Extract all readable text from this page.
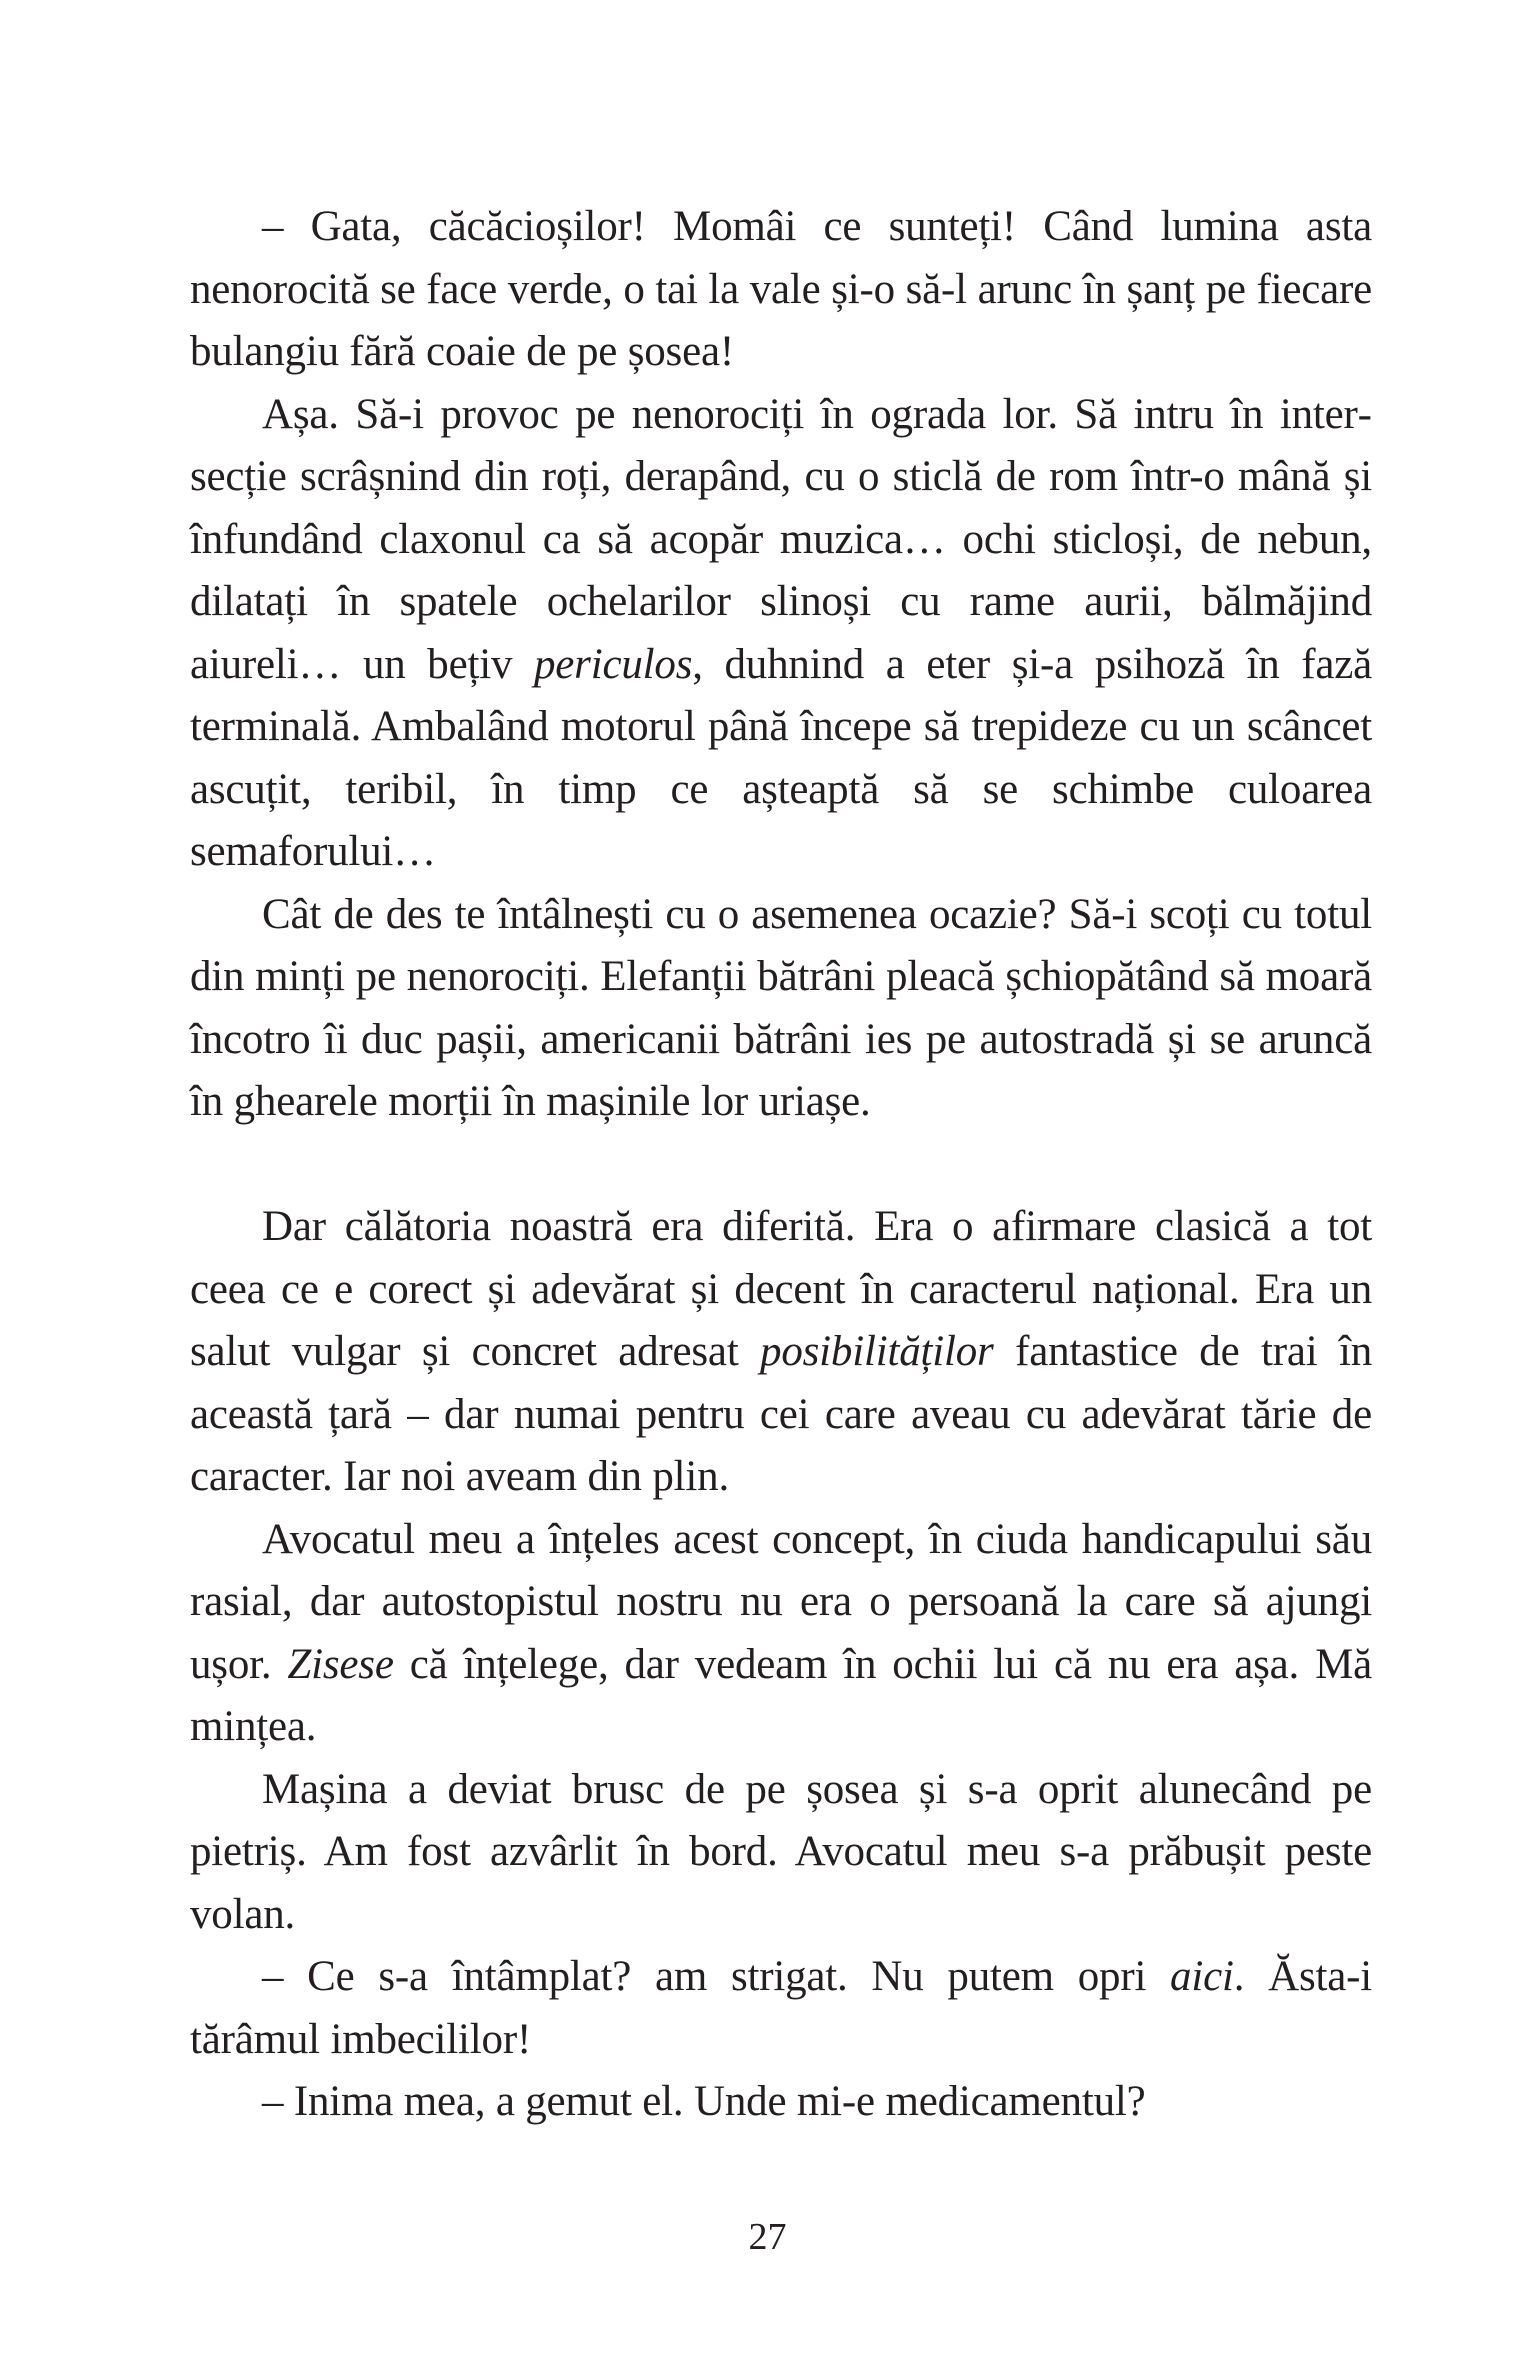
– Gata, căcăcioșilor! Momâi ce sunteți! Când lumina asta nenorocită se face verde, o tai la vale și-o să-l arunc în șanț pe fiecare bulangiu fără coaie de pe șosea!

Așa. Să-i provoc pe nenorociți în ograda lor. Să intru în intersecție scrâșnind din roți, derapând, cu o sticlă de rom într-o mână și înfundând claxonul ca să acopăr muzica… ochi sticloși, de nebun, dilatați în spatele ochelarilor slinoși cu rame aurii, bălmăjind aiureli… un bețiv periculos, duhnind a eter și-a psihoză în fază terminală. Ambalând motorul până începe să trepideze cu un scâncet ascuțit, teribil, în timp ce așteaptă să se schimbe culoarea semaforului…

Cât de des te întâlnești cu o asemenea ocazie? Să-i scoți cu totul din minți pe nenorociți. Elefanții bătrâni pleacă șchiopătând să moară încotro îi duc pașii, americanii bătrâni ies pe autostradă și se aruncă în ghearele morții în mașinile lor uriașe.

Dar călătoria noastră era diferită. Era o afirmare clasică a tot ceea ce e corect și adevărat și decent în caracterul național. Era un salut vulgar și concret adresat posibilităților fantastice de trai în această țară – dar numai pentru cei care aveau cu adevărat tărie de caracter. Iar noi aveam din plin.

Avocatul meu a înțeles acest concept, în ciuda handicapului său rasial, dar autostopistul nostru nu era o persoană la care să ajungi ușor. Zisese că înțelege, dar vedeam în ochii lui că nu era așa. Mă mințea.

Mașina a deviat brusc de pe șosea și s-a oprit alunecând pe pietriș. Am fost azvârlit în bord. Avocatul meu s-a prăbușit peste volan.

– Ce s-a întâmplat? am strigat. Nu putem opri aici. Ăsta-i tărâmul imbecililor!

– Inima mea, a gemut el. Unde mi-e medicamentul?

27
